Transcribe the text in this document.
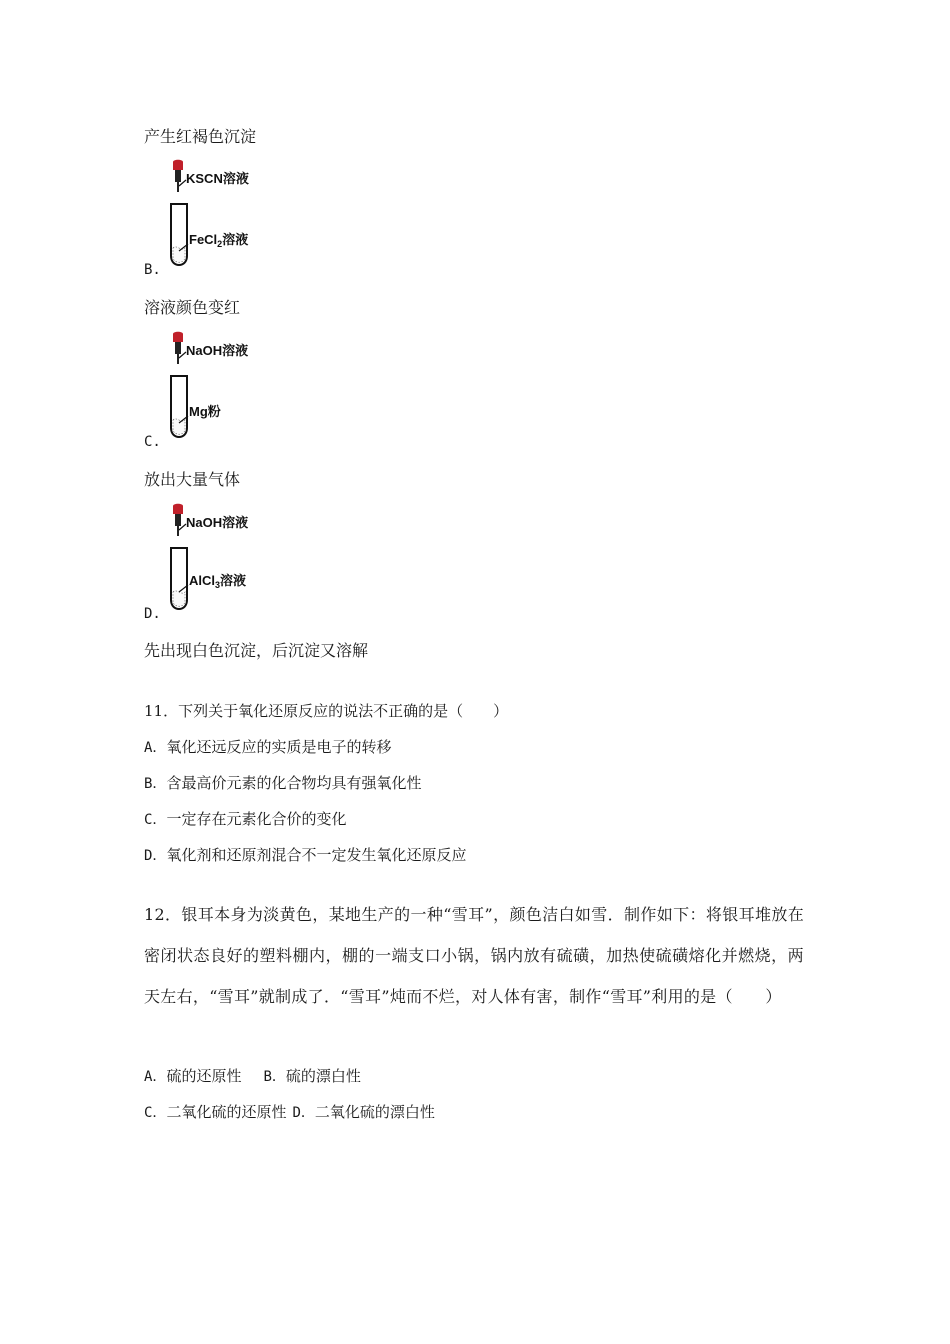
产生红褐色沉淀
KSCN溶液
FeCl$_2$溶液
B.
溶液颜色变红
NaOH溶液
Mg粉
C.
放出大量气体
NaOH溶液
AlCl$_3$溶液
D.
先出现白色沉淀，后沉淀又溶解
11．下列关于氧化还原反应的说法不正确的是（　　）
A．氧化还远反应的实质是电子的转移
B．含最高价元素的化合物均具有强氧化性
C．一定存在元素化合价的变化
D．氧化剂和还原剂混合不一定发生氧化还原反应
12．银耳本身为淡黄色，某地生产的一种“雪耳”，颜色洁白如雪．制作如下：将银耳堆放在密闭状态良好的塑料棚内，棚的一端支口小锅，锅内放有硫磺，加热使硫磺熔化并燃烧，两天左右，“雪耳”就制成了．“雪耳”炖而不烂，对人体有害，制作“雪耳”利用的是（　　）
A．硫的还原性 B．硫的漂白性
C．二氧化硫的还原性 D．二氧化硫的漂白性
